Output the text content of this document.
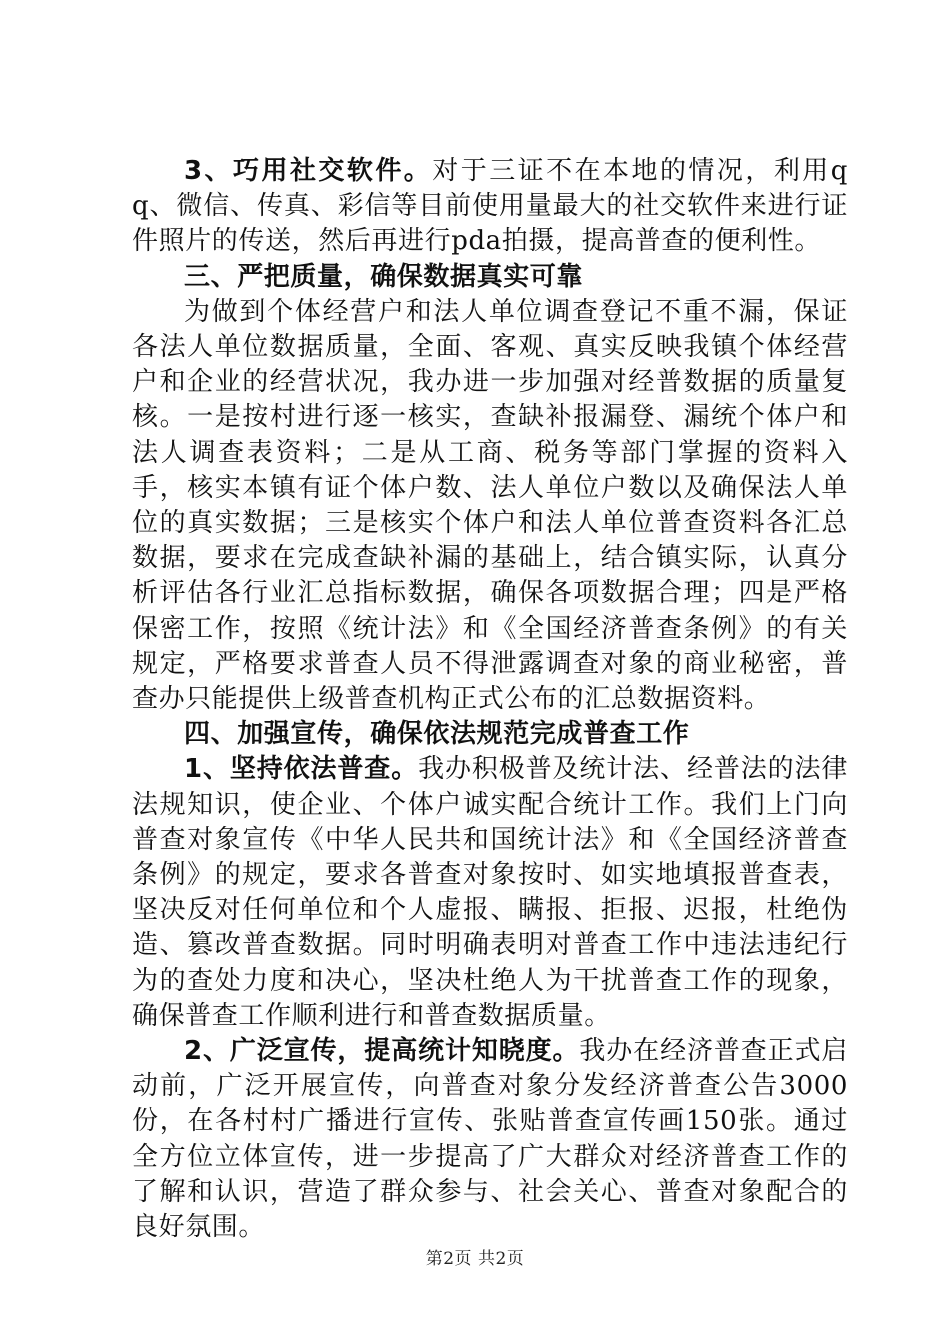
3、巧用社交软件。对于三证不在本地的情况，利用qq、微信、传真、彩信等目前使用量最大的社交软件来进行证件照片的传送，然后再进行pda拍摄，提高普查的便利性。

三、严把质量，确保数据真实可靠

为做到个体经营户和法人单位调查登记不重不漏，保证各法人单位数据质量，全面、客观、真实反映我镇个体经营户和企业的经营状况，我办进一步加强对经普数据的质量复核。一是按村进行逐一核实，查缺补报漏登、漏统个体户和法人调查表资料；二是从工商、税务等部门掌握的资料入手，核实本镇有证个体户数、法人单位户数以及确保法人单位的真实数据；三是核实个体户和法人单位普查资料各汇总数据，要求在完成查缺补漏的基础上，结合镇实际，认真分析评估各行业汇总指标数据，确保各项数据合理；四是严格保密工作，按照《统计法》和《全国经济普查条例》的有关规定，严格要求普查人员不得泄露调查对象的商业秘密，普查办只能提供上级普查机构正式公布的汇总数据资料。

四、加强宣传，确保依法规范完成普查工作

1、坚持依法普查。我办积极普及统计法、经普法的法律法规知识，使企业、个体户诚实配合统计工作。我们上门向普查对象宣传《中华人民共和国统计法》和《全国经济普查条例》的规定，要求各普查对象按时、如实地填报普查表，坚决反对任何单位和个人虚报、瞒报、拒报、迟报，杜绝伪造、篡改普查数据。同时明确表明对普查工作中违法违纪行为的查处力度和决心，坚决杜绝人为干扰普查工作的现象，确保普查工作顺利进行和普查数据质量。

2、广泛宣传，提高统计知晓度。我办在经济普查正式启动前，广泛开展宣传，向普查对象分发经济普查公告3000份，在各村村广播进行宣传、张贴普查宣传画150张。通过全方位立体宣传，进一步提高了广大群众对经济普查工作的了解和认识，营造了群众参与、社会关心、普查对象配合的良好氛围。

第2页 共2页
